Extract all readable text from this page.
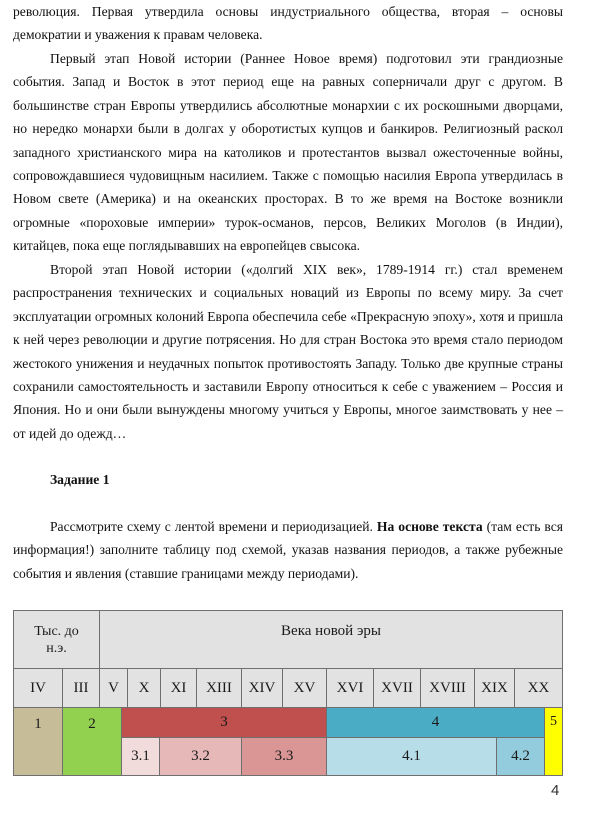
революция. Первая утвердила основы индустриального общества, вторая – основы демократии и уважения к правам человека.

Первый этап Новой истории (Раннее Новое время) подготовил эти грандиозные события. Запад и Восток в этот период еще на равных соперничали друг с другом. В большинстве стран Европы утвердились абсолютные монархии с их роскошными дворцами, но нередко монархи были в долгах у оборотистых купцов и банкиров. Религиозный раскол западного христианского мира на католиков и протестантов вызвал ожесточенные войны, сопровождавшиеся чудовищным насилием. Также с помощью насилия Европа утвердилась в Новом свете (Америка) и на океанских просторах. В то же время на Востоке возникли огромные «пороховые империи» турок-османов, персов, Великих Моголов (в Индии), китайцев, пока еще поглядывавших на европейцев свысока.

Второй этап Новой истории («долгий XIX век», 1789-1914 гг.) стал временем распространения технических и социальных новаций из Европы по всему миру. За счет эксплуатации огромных колоний Европа обеспечила себе «Прекрасную эпоху», хотя и пришла к ней через революции и другие потрясения. Но для стран Востока это время стало периодом жестокого унижения и неудачных попыток противостоять Западу. Только две крупные страны сохранили самостоятельность и заставили Европу относиться к себе с уважением – Россия и Япония. Но и они были вынуждены многому учиться у Европы, многое заимствовать у нее – от идей до одежд…

Задание 1

Рассмотрите схему с лентой времени и периодизацией. На основе текста (там есть вся информация!) заполните таблицу под схемой, указав названия периодов, а также рубежные события и явления (ставшие границами между периодами).

Тыс. до н.э.
Века новой эры
IV	III	V	X	XI	XIII	XIV	XV	XVI	XVII	XVIII	XIX	XX
1	2	3	4	5
3.1	3.2	3.3	4.1	4.2
4
